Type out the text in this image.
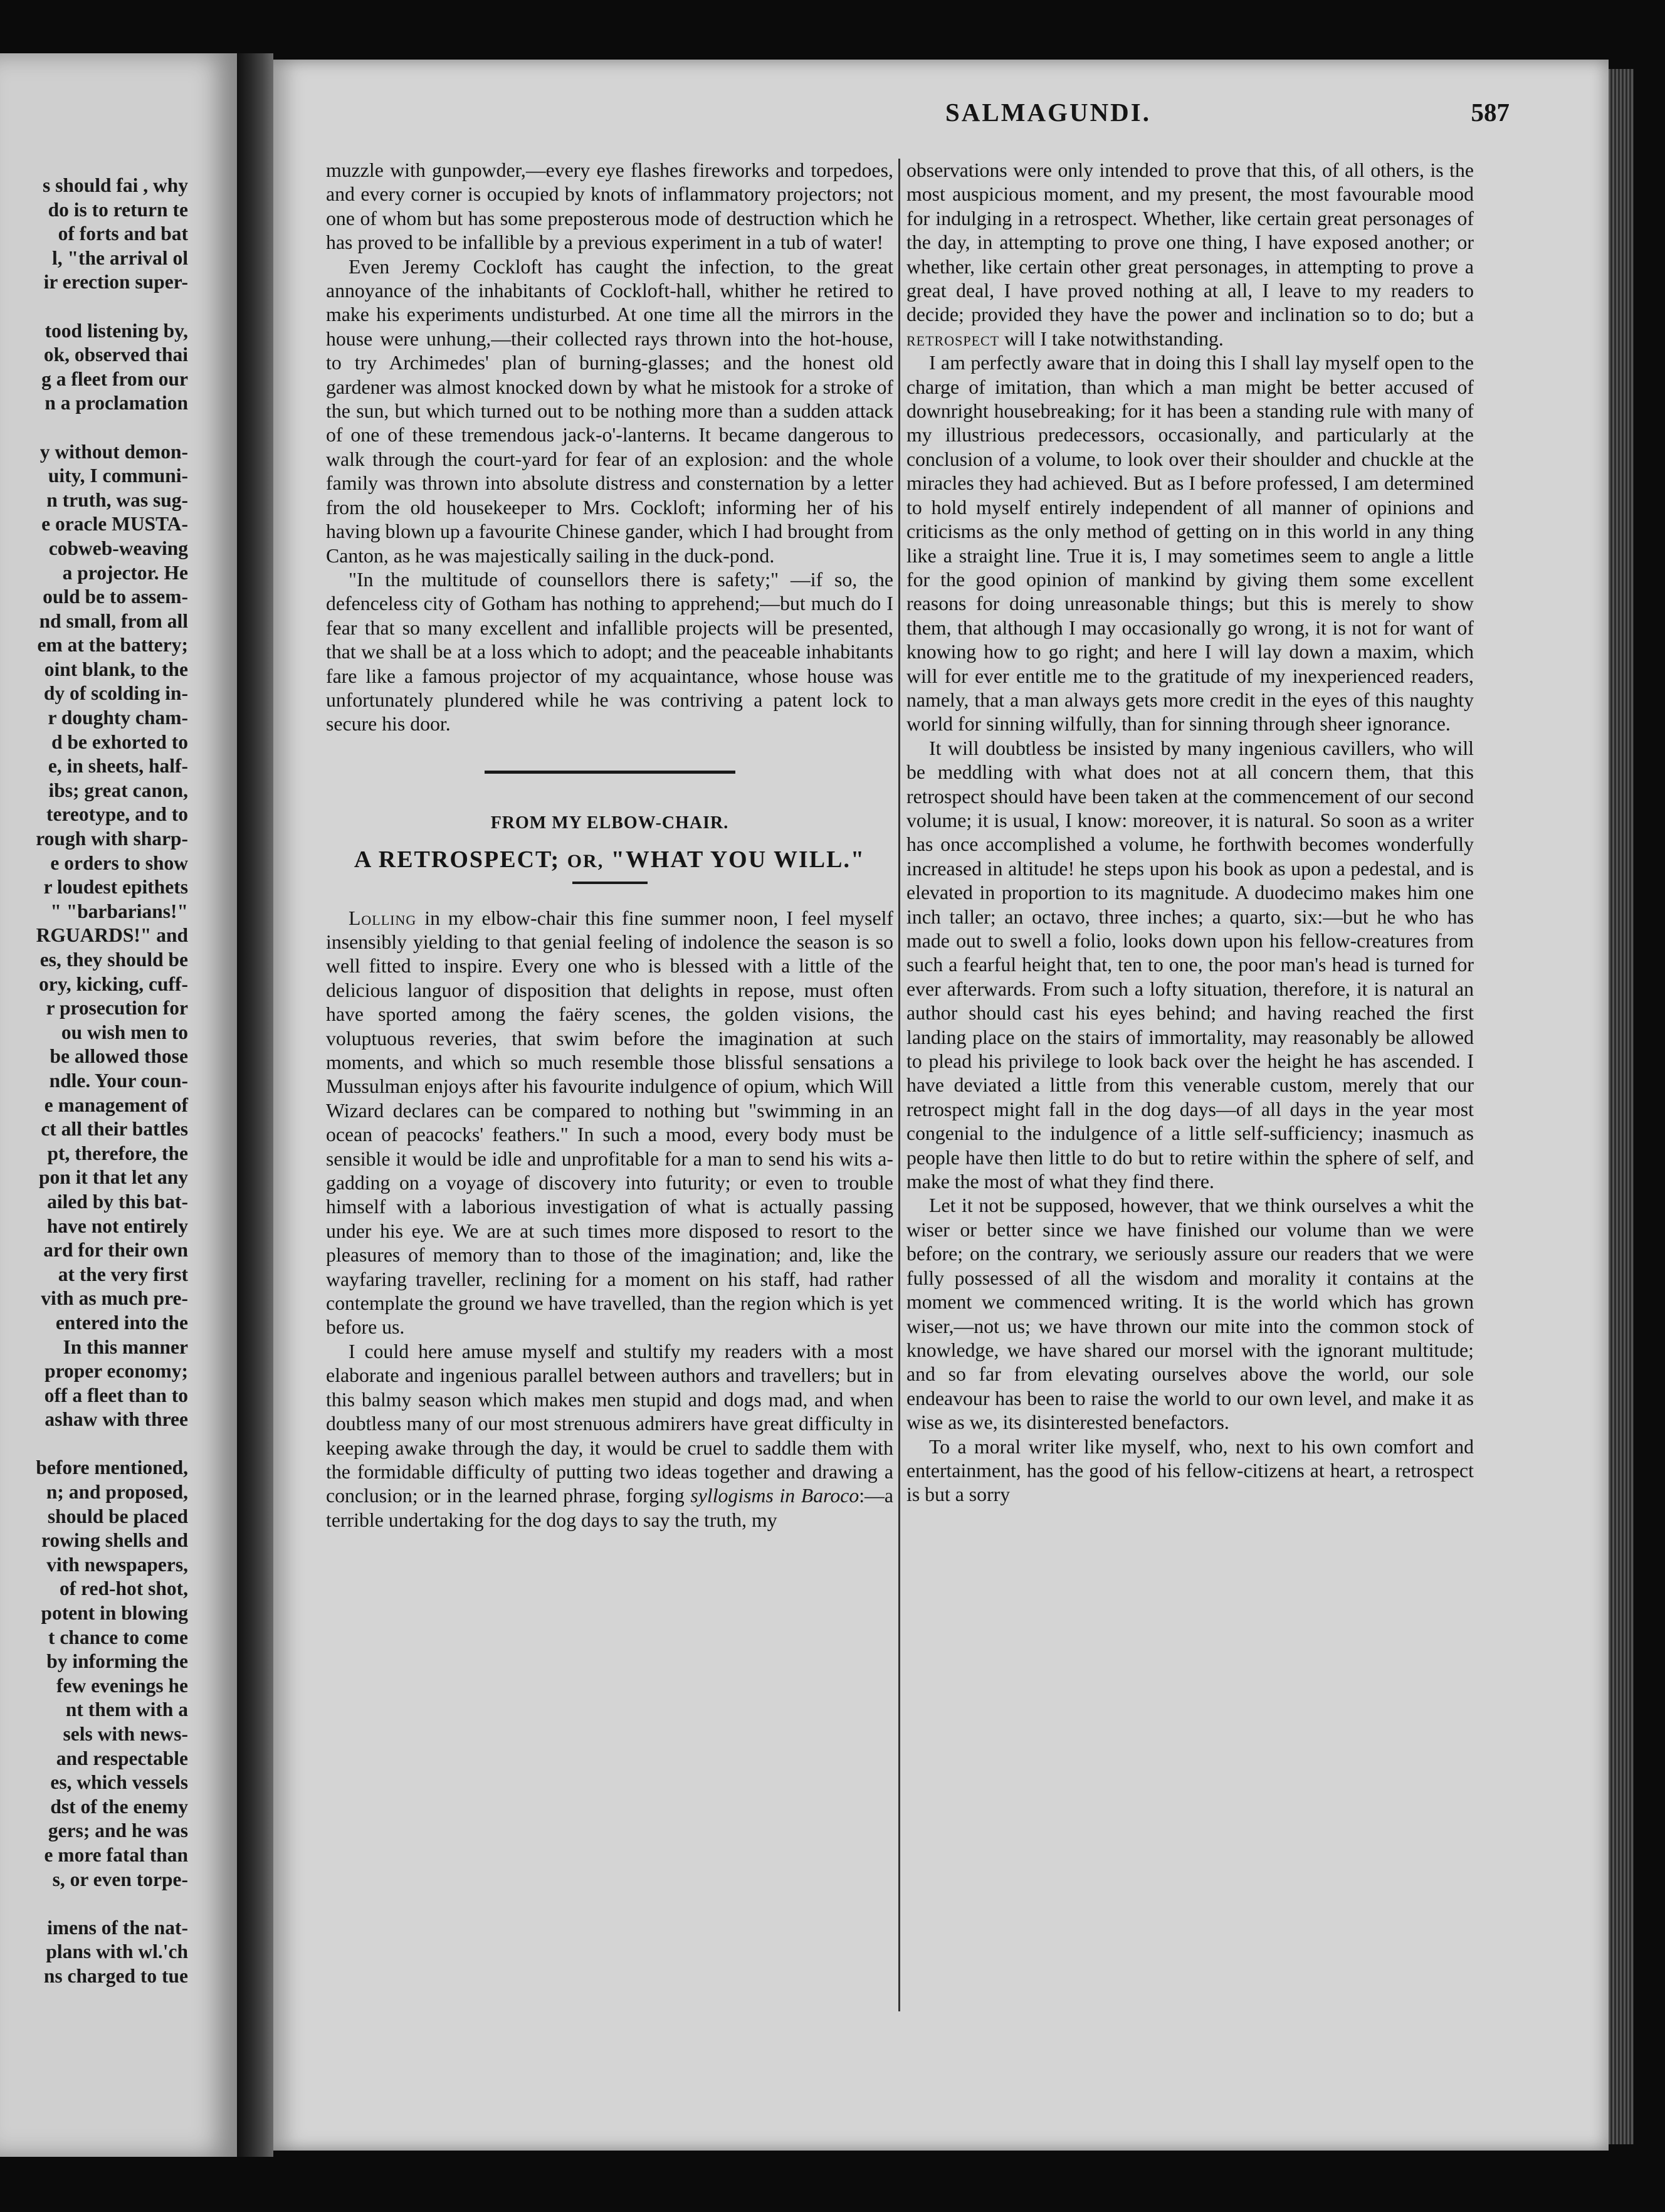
s should fai , why
do is to return te
of forts and bat
l, "the arrival ol
ir erection super-
tood listening by,
ok, observed thai
g a fleet from our
n a proclamation
y without demon-
uity, I communi-
n truth, was sug-
e oracle MUSTA-
cobweb-weaving
a projector. He
ould be to assem-
nd small, from all
em at the battery;
oint blank, to the
dy of scolding in-
r doughty cham-
d be exhorted to
e, in sheets, half-
ibs; great canon,
tereotype, and to
rough with sharp-
e orders to show
r loudest epithets
" "barbarians!"
RGUARDS!" and
es, they should be
ory, kicking, cuff-
r prosecution for
ou wish men to
be allowed those
ndle. Your coun-
e management of
ct all their battles
pt, therefore, the
pon it that let any
ailed by this bat-
have not entirely
ard for their own
at the very first
vith as much pre-
entered into the
In this manner
proper economy;
off a fleet than to
ashaw with three
before mentioned,
n; and proposed,
should be placed
rowing shells and
vith newspapers,
of red-hot shot,
potent in blowing
t chance to come
by informing the
few evenings he
nt them with a
sels with news-
and respectable
es, which vessels
dst of the enemy
gers; and he was
e more fatal than
s, or even torpe-
imens of the nat-
plans with wl.'ch
ns charged to tue
SALMAGUNDI.	587

muzzle with gunpowder,—every eye flashes fireworks and torpedoes, and every corner is occupied by knots of inflammatory projectors; not one of whom but has some preposterous mode of destruction which he has proved to be infallible by a previous experiment in a tub of water!

Even Jeremy Cockloft has caught the infection, to the great annoyance of the inhabitants of Cockloft-hall, whither he retired to make his experiments undisturbed. At one time all the mirrors in the house were unhung,—their collected rays thrown into the hot-house, to try Archimedes' plan of burning-glasses; and the honest old gardener was almost knocked down by what he mistook for a stroke of the sun, but which turned out to be nothing more than a sudden attack of one of these tremendous jack-o'-lanterns. It became dangerous to walk through the court-yard for fear of an explosion: and the whole family was thrown into absolute distress and consternation by a letter from the old housekeeper to Mrs. Cockloft; informing her of his having blown up a favourite Chinese gander, which I had brought from Canton, as he was majestically sailing in the duck-pond.

"In the multitude of counsellors there is safety;" —if so, the defenceless city of Gotham has nothing to apprehend;—but much do I fear that so many excellent and infallible projects will be presented, that we shall be at a loss which to adopt; and the peaceable inhabitants fare like a famous projector of my acquaintance, whose house was unfortunately plundered while he was contriving a patent lock to secure his door.

FROM MY ELBOW-CHAIR.
A RETROSPECT; OR, "WHAT YOU WILL."

Lolling in my elbow-chair this fine summer noon, I feel myself insensibly yielding to that genial feeling of indolence the season is so well fitted to inspire. Every one who is blessed with a little of the delicious languor of disposition that delights in repose, must often have sported among the faëry scenes, the golden visions, the voluptuous reveries, that swim before the imagination at such moments, and which so much resemble those blissful sensations a Mussulman enjoys after his favourite indulgence of opium, which Will Wizard declares can be compared to nothing but "swimming in an ocean of peacocks' feathers." In such a mood, every body must be sensible it would be idle and unprofitable for a man to send his wits a-gadding on a voyage of discovery into futurity; or even to trouble himself with a laborious investigation of what is actually passing under his eye. We are at such times more disposed to resort to the pleasures of memory than to those of the imagination; and, like the wayfaring traveller, reclining for a moment on his staff, had rather contemplate the ground we have travelled, than the region which is yet before us.

I could here amuse myself and stultify my readers with a most elaborate and ingenious parallel between authors and travellers; but in this balmy season which makes men stupid and dogs mad, and when doubtless many of our most strenuous admirers have great difficulty in keeping awake through the day, it would be cruel to saddle them with the formidable difficulty of putting two ideas together and drawing a conclusion; or in the learned phrase, forging syllogisms in Baroco:—a terrible undertaking for the dog days to say the truth, my

observations were only intended to prove that this, of all others, is the most auspicious moment, and my present, the most favourable mood for indulging in a retrospect. Whether, like certain great personages of the day, in attempting to prove one thing, I have exposed another; or whether, like certain other great personages, in attempting to prove a great deal, I have proved nothing at all, I leave to my readers to decide; provided they have the power and inclination so to do; but a retrospect will I take notwithstanding.

I am perfectly aware that in doing this I shall lay myself open to the charge of imitation, than which a man might be better accused of downright housebreaking; for it has been a standing rule with many of my illustrious predecessors, occasionally, and particularly at the conclusion of a volume, to look over their shoulder and chuckle at the miracles they had achieved. But as I before professed, I am determined to hold myself entirely independent of all manner of opinions and criticisms as the only method of getting on in this world in any thing like a straight line. True it is, I may sometimes seem to angle a little for the good opinion of mankind by giving them some excellent reasons for doing unreasonable things; but this is merely to show them, that although I may occasionally go wrong, it is not for want of knowing how to go right; and here I will lay down a maxim, which will for ever entitle me to the gratitude of my inexperienced readers, namely, that a man always gets more credit in the eyes of this naughty world for sinning wilfully, than for sinning through sheer ignorance.

It will doubtless be insisted by many ingenious cavillers, who will be meddling with what does not at all concern them, that this retrospect should have been taken at the commencement of our second volume; it is usual, I know: moreover, it is natural. So soon as a writer has once accomplished a volume, he forthwith becomes wonderfully increased in altitude! he steps upon his book as upon a pedestal, and is elevated in proportion to its magnitude. A duodecimo makes him one inch taller; an octavo, three inches; a quarto, six:—but he who has made out to swell a folio, looks down upon his fellow-creatures from such a fearful height that, ten to one, the poor man's head is turned for ever afterwards. From such a lofty situation, therefore, it is natural an author should cast his eyes behind; and having reached the first landing place on the stairs of immortality, may reasonably be allowed to plead his privilege to look back over the height he has ascended. I have deviated a little from this venerable custom, merely that our retrospect might fall in the dog days—of all days in the year most congenial to the indulgence of a little self-sufficiency; inasmuch as people have then little to do but to retire within the sphere of self, and make the most of what they find there.

Let it not be supposed, however, that we think ourselves a whit the wiser or better since we have finished our volume than we were before; on the contrary, we seriously assure our readers that we were fully possessed of all the wisdom and morality it contains at the moment we commenced writing. It is the world which has grown wiser,—not us; we have thrown our mite into the common stock of knowledge, we have shared our morsel with the ignorant multitude; and so far from elevating ourselves above the world, our sole endeavour has been to raise the world to our own level, and make it as wise as we, its disinterested benefactors.

To a moral writer like myself, who, next to his own comfort and entertainment, has the good of his fellow-citizens at heart, a retrospect is but a sorry
